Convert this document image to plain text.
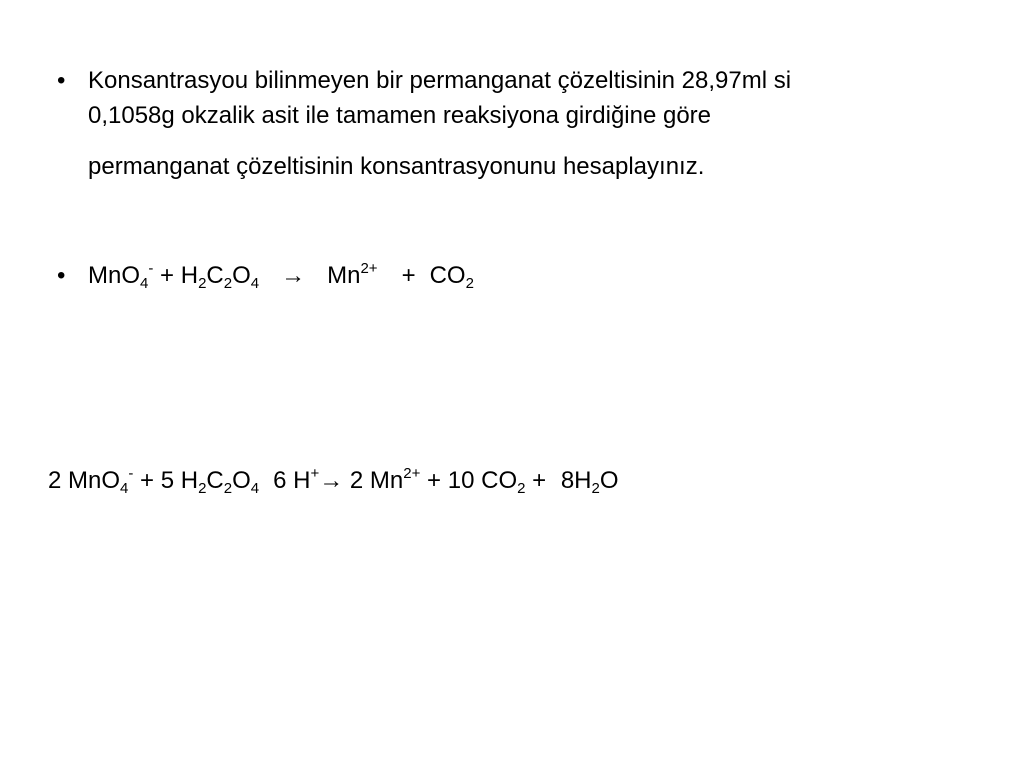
• Konsantrasyou bilinmeyen bir permanganat çözeltisinin 28,97ml si
0,1058g okzalik asit ile tamamen reaksiyona girdiğine göre
permanganat çözeltisinin konsantrasyonunu hesaplayınız.
• $MnO_4^- + H_2C_2O_4 \to Mn^{2+} + CO_2$
2 MnO$_4$- + 5 $H_2C_2O_4$ 6 H+→ 2 $Mn^{2+} + 10$ $CO_2 + 8H_2O$
